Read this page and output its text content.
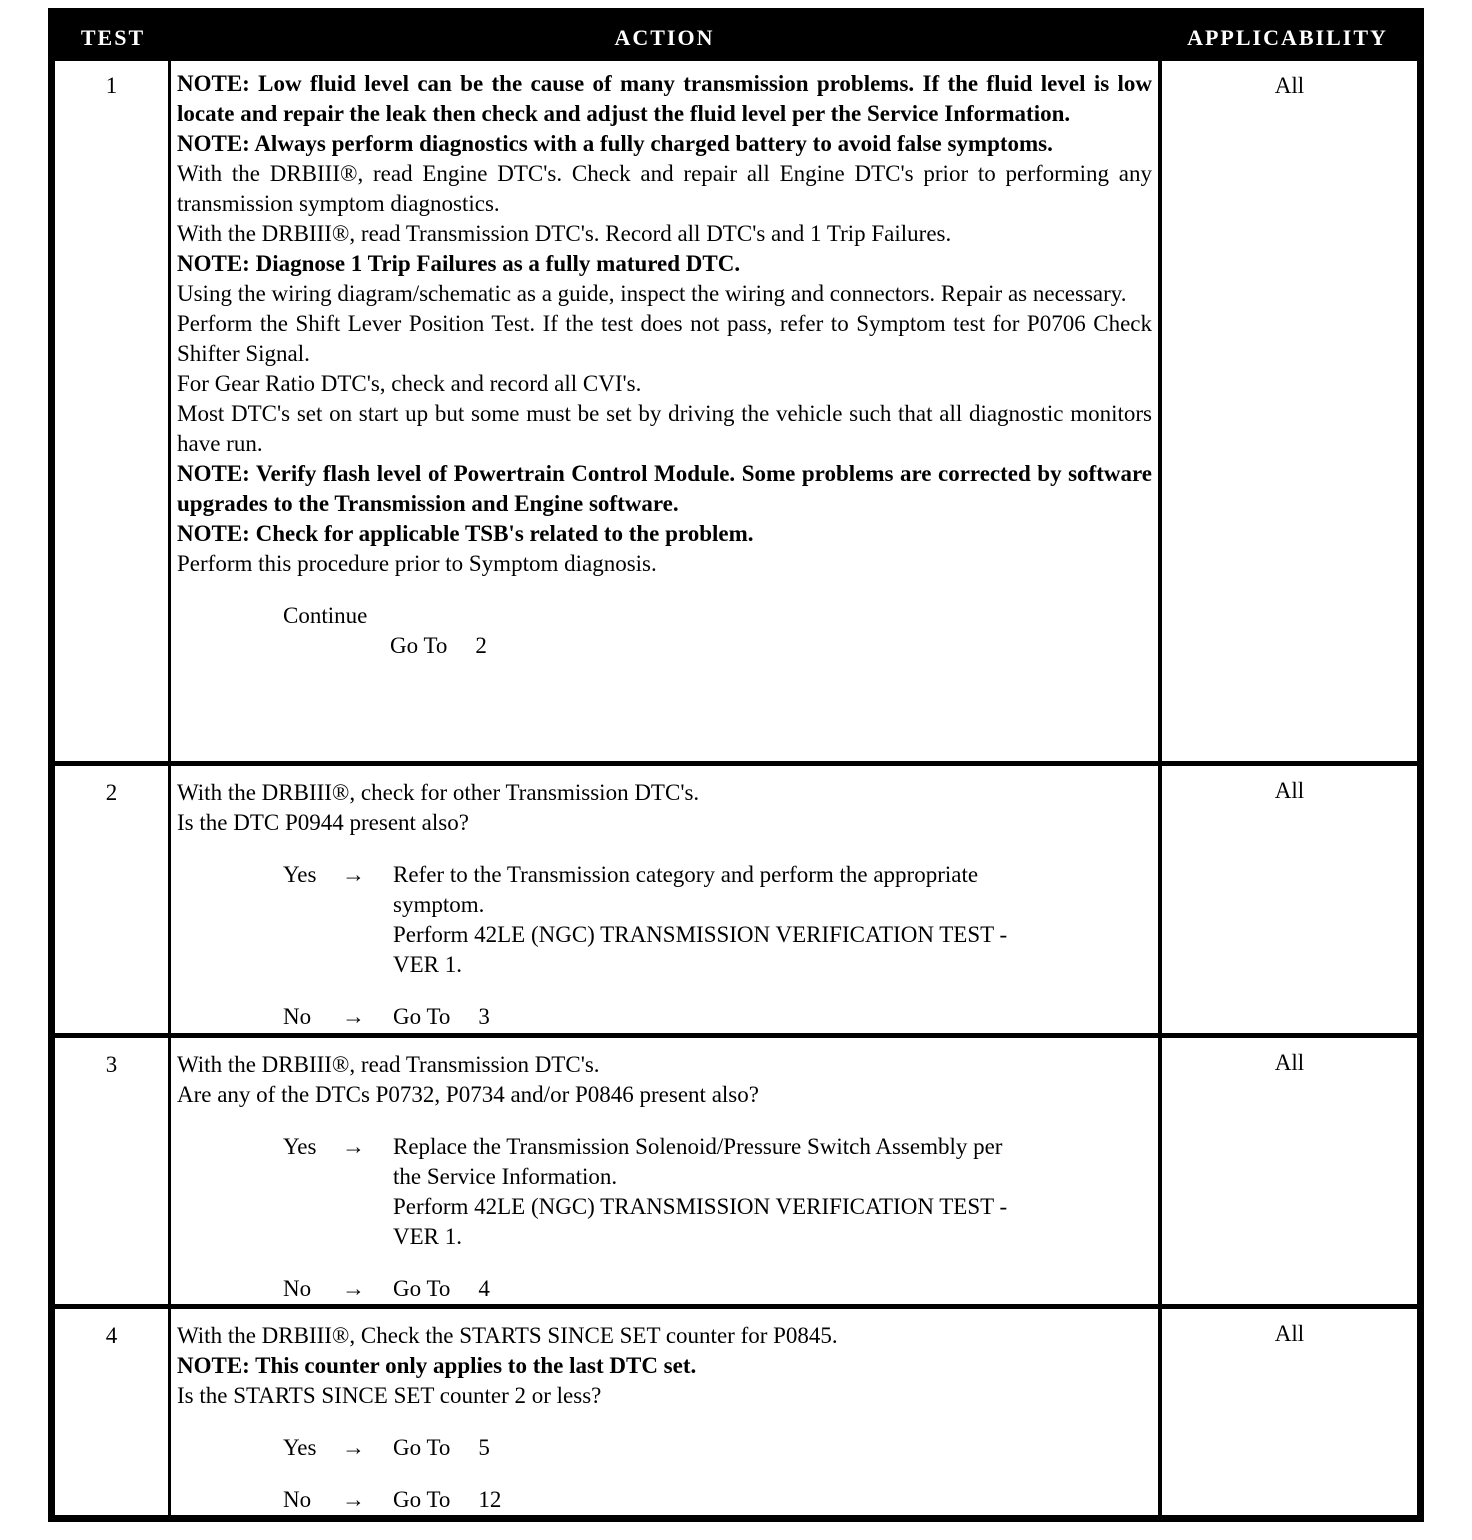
TEST	ACTION	APPLICABILITY
1	NOTE: Low fluid level can be the cause of many transmission problems. If the fluid level is low locate and repair the leak then check and adjust the fluid level per the Service Information.

NOTE: Always perform diagnostics with a fully charged battery to avoid false symptoms.

With the DRBIII®, read Engine DTC's. Check and repair all Engine DTC's prior to performing any transmission symptom diagnostics.

With the DRBIII®, read Transmission DTC's. Record all DTC's and 1 Trip Failures.

NOTE: Diagnose 1 Trip Failures as a fully matured DTC.

Using the wiring diagram/schematic as a guide, inspect the wiring and connectors. Repair as necessary.

Perform the Shift Lever Position Test. If the test does not pass, refer to Symptom test for P0706 Check Shifter Signal.

For Gear Ratio DTC's, check and record all CVI's.

Most DTC's set on start up but some must be set by driving the vehicle such that all diagnostic monitors have run.

NOTE: Verify flash level of Powertrain Control Module. Some problems are corrected by software upgrades to the Transmission and Engine software.

NOTE: Check for applicable TSB's related to the problem.

Perform this procedure prior to Symptom diagnosis.

Continue
Go To 2
All
2	With the DRBIII®, check for other Transmission DTC's.

Is the DTC P0944 present also?

Yes	→	Refer to the Transmission category and perform the appropriate
symptom.
Perform 42LE (NGC) TRANSMISSION VERIFICATION TEST -
VER 1.
No	→	Go To 3
All
3	With the DRBIII®, read Transmission DTC's.

Are any of the DTCs P0732, P0734 and/or P0846 present also?

Yes	→	Replace the Transmission Solenoid/Pressure Switch Assembly per
the Service Information.
Perform 42LE (NGC) TRANSMISSION VERIFICATION TEST -
VER 1.
No	→	Go To 4
All
4	With the DRBIII®, Check the STARTS SINCE SET counter for P0845.

NOTE: This counter only applies to the last DTC set.

Is the STARTS SINCE SET counter 2 or less?

Yes	→	Go To 5
No	→	Go To 12
All
